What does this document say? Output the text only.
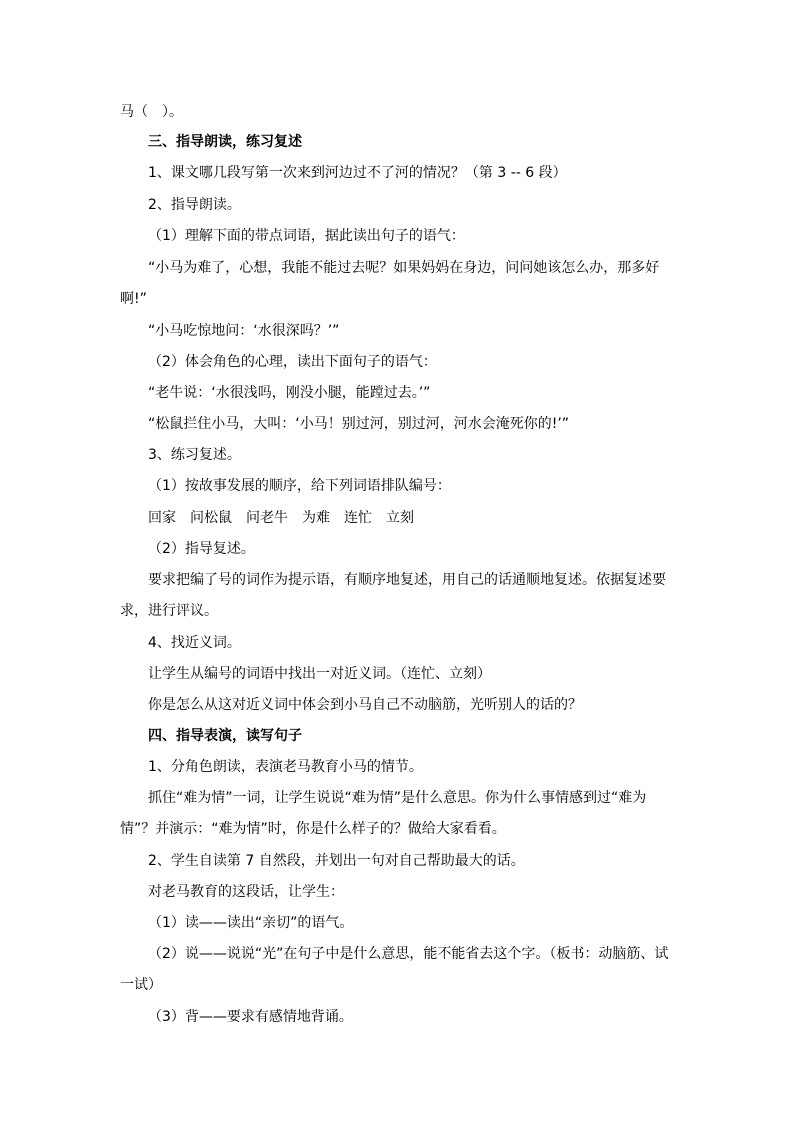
马（　）。
三、指导朗读，练习复述
1、课文哪几段写第一次来到河边过不了河的情况？（第 3 -- 6 段）
2、指导朗读。
（1）理解下面的带点词语，据此读出句子的语气：
“小马为难了，心想，我能不能过去呢？如果妈妈在身边，问问她该怎么办，那多好啊!”
“小马吃惊地问：‘水很深吗？’”
（2）体会角色的心理，读出下面句子的语气：
“老牛说：‘水很浅吗，刚没小腿，能蹚过去。’”
“松鼠拦住小马，大叫：‘小马！别过河，别过河，河水会淹死你的!’”
3、练习复述。
（1）按故事发展的顺序，给下列词语排队编号：
回家　问松鼠　问老牛　为难　连忙　立刻
（2）指导复述。
要求把编了号的词作为提示语，有顺序地复述，用自己的话通顺地复述。依据复述要求，进行评议。
4、找近义词。
让学生从编号的词语中找出一对近义词。（连忙、立刻）
你是怎么从这对近义词中体会到小马自己不动脑筋，光听别人的话的？
四、指导表演，读写句子
1、分角色朗读，表演老马教育小马的情节。
抓住“难为情”一词，让学生说说“难为情”是什么意思。你为什么事情感到过“难为情”？并演示：“难为情”时，你是什么样子的？做给大家看看。
2、学生自读第 7 自然段，并划出一句对自己帮助最大的话。
对老马教育的这段话，让学生：
（1）读——读出“亲切”的语气。
（2）说——说说“光”在句子中是什么意思，能不能省去这个字。（板书：动脑筋、试一试）
（3）背——要求有感情地背诵。
